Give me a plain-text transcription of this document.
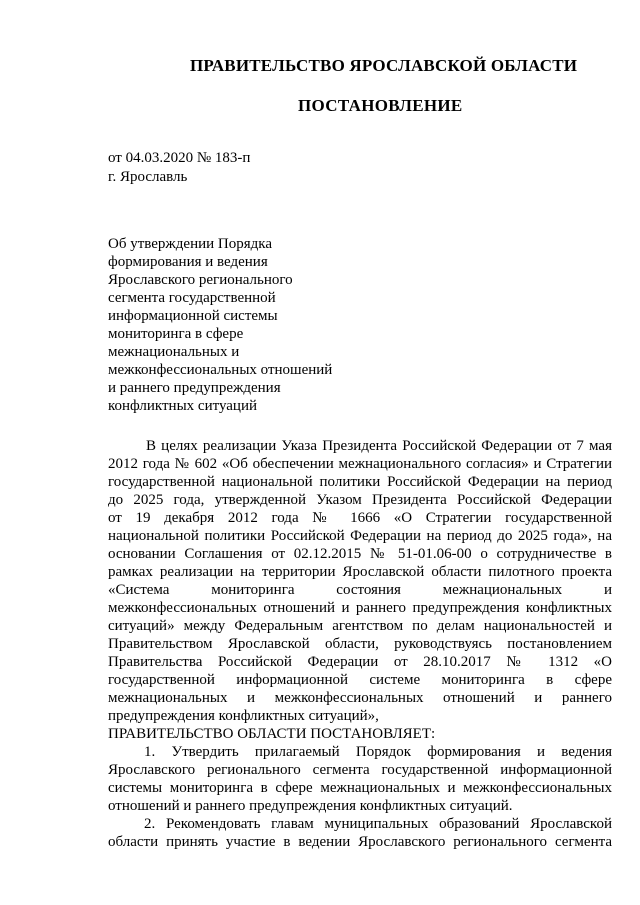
ПРАВИТЕЛЬСТВО ЯРОСЛАВСКОЙ ОБЛАСТИ
ПОСТАНОВЛЕНИЕ
от 04.03.2020 № 183-п
г. Ярославль
Об утверждении Порядка
формирования и ведения
Ярославского регионального
сегмента государственной
информационной системы
мониторинга в сфере
межнациональных и
межконфессиональных отношений
и раннего предупреждения
конфликтных ситуаций
В целях реализации Указа Президента Российской Федерации от 7 мая
2012 года № 602 «Об обеспечении межнационального согласия» и Стратегии
государственной национальной политики Российской Федерации на период
до 2025 года, утвержденной Указом Президента Российской Федерации
от 19 декабря 2012 года № 1666 «О Стратегии государственной
национальной политики Российской Федерации на период до 2025 года», на
основании Соглашения от 02.12.2015 № 51-01.06-00 о сотрудничестве в
рамках реализации на территории Ярославской области пилотного проекта
«Система мониторинга состояния межнациональных и
межконфессиональных отношений и раннего предупреждения конфликтных
ситуаций» между Федеральным агентством по делам национальностей и
Правительством Ярославской области, руководствуясь постановлением
Правительства Российской Федерации от 28.10.2017 № 1312 «О
государственной информационной системе мониторинга в сфере
межнациональных и межконфессиональных отношений и раннего
предупреждения конфликтных ситуаций»,
ПРАВИТЕЛЬСТВО ОБЛАСТИ ПОСТАНОВЛЯЕТ:
1. Утвердить прилагаемый Порядок формирования и ведения
Ярославского регионального сегмента государственной информационной
системы мониторинга в сфере межнациональных и межконфессиональных
отношений и раннего предупреждения конфликтных ситуаций.
2. Рекомендовать главам муниципальных образований Ярославской
области принять участие в ведении Ярославского регионального сегмента
